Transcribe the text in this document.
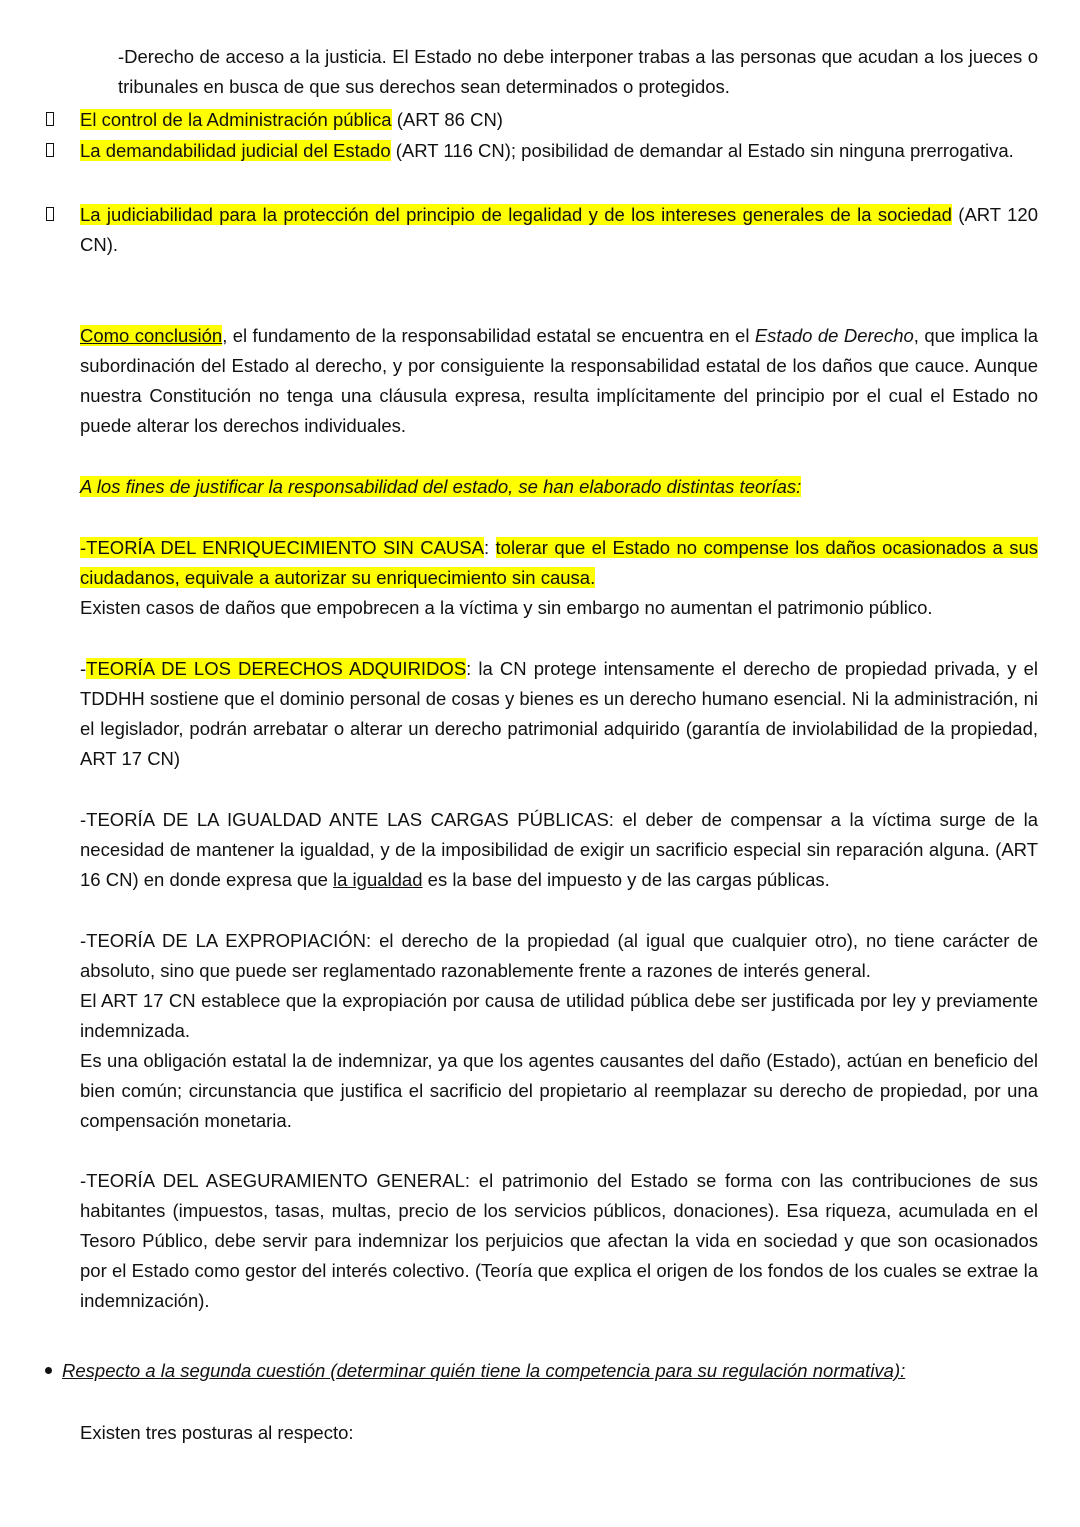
-Derecho de acceso a la justicia. El Estado no debe interponer trabas a las personas que acudan a los jueces o tribunales en busca de que sus derechos sean determinados o protegidos.

El control de la Administración pública (ART 86 CN)

La demandabilidad judicial del Estado (ART 116 CN); posibilidad de demandar al Estado sin ninguna prerrogativa.

La judiciabilidad para la protección del principio de legalidad y de los intereses generales de la sociedad (ART 120 CN).

Como conclusión, el fundamento de la responsabilidad estatal se encuentra en el Estado de Derecho, que implica la subordinación del Estado al derecho, y por consiguiente la responsabilidad estatal de los daños que cauce. Aunque nuestra Constitución no tenga una cláusula expresa, resulta implícitamente del principio por el cual el Estado no puede alterar los derechos individuales.

A los fines de justificar la responsabilidad del estado, se han elaborado distintas teorías:

-TEORÍA DEL ENRIQUECIMIENTO SIN CAUSA: tolerar que el Estado no compense los daños ocasionados a sus ciudadanos, equivale a autorizar su enriquecimiento sin causa.
Existen casos de daños que empobrecen a la víctima y sin embargo no aumentan el patrimonio público.

-TEORÍA DE LOS DERECHOS ADQUIRIDOS: la CN protege intensamente el derecho de propiedad privada, y el TDDHH sostiene que el dominio personal de cosas y bienes es un derecho humano esencial. Ni la administración, ni el legislador, podrán arrebatar o alterar un derecho patrimonial adquirido (garantía de inviolabilidad de la propiedad, ART 17 CN)

-TEORÍA DE LA IGUALDAD ANTE LAS CARGAS PÚBLICAS: el deber de compensar a la víctima surge de la necesidad de mantener la igualdad, y de la imposibilidad de exigir un sacrificio especial sin reparación alguna. (ART 16 CN) en donde expresa que la igualdad es la base del impuesto y de las cargas públicas.

-TEORÍA DE LA EXPROPIACIÓN: el derecho de la propiedad (al igual que cualquier otro), no tiene carácter de absoluto, sino que puede ser reglamentado razonablemente frente a razones de interés general.
El ART 17 CN establece que la expropiación por causa de utilidad pública debe ser justificada por ley y previamente indemnizada.
Es una obligación estatal la de indemnizar, ya que los agentes causantes del daño (Estado), actúan en beneficio del bien común; circunstancia que justifica el sacrificio del propietario al reemplazar su derecho de propiedad, por una compensación monetaria.

-TEORÍA DEL ASEGURAMIENTO GENERAL: el patrimonio del Estado se forma con las contribuciones de sus habitantes (impuestos, tasas, multas, precio de los servicios públicos, donaciones). Esa riqueza, acumulada en el Tesoro Público, debe servir para indemnizar los perjuicios que afectan la vida en sociedad y que son ocasionados por el Estado como gestor del interés colectivo. (Teoría que explica el origen de los fondos de los cuales se extrae la indemnización).

Respecto a la segunda cuestión (determinar quién tiene la competencia para su regulación normativa):

Existen tres posturas al respecto:
